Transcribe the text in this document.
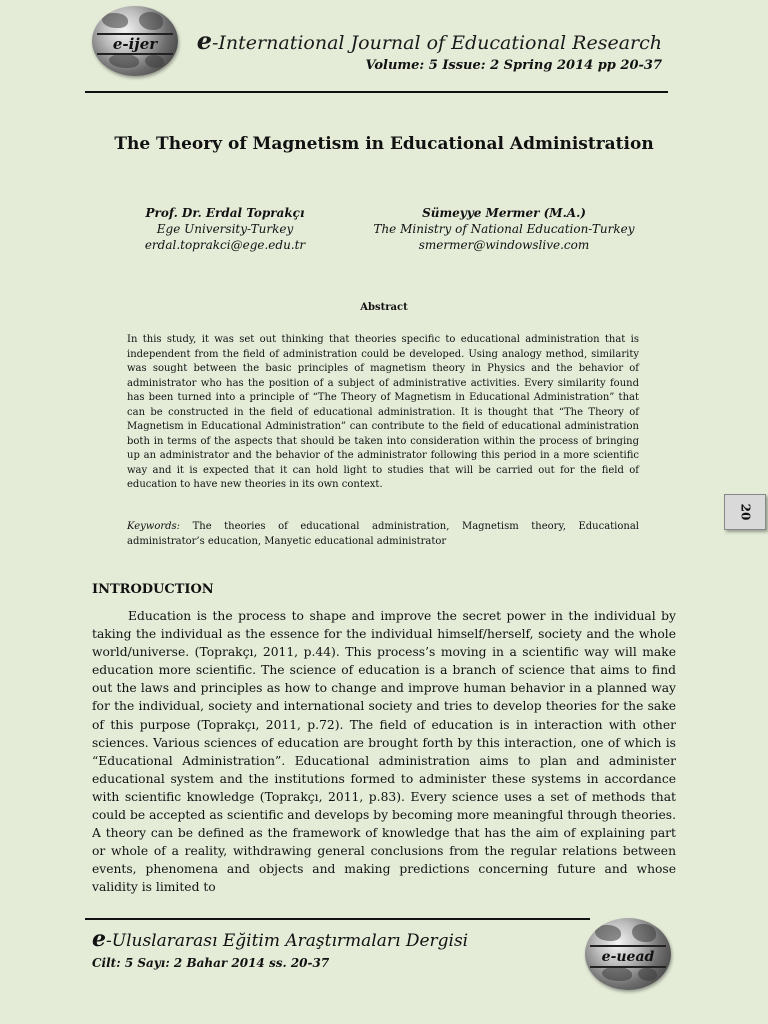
e-ijer	e-International Journal of Educational Research
Volume: 5 Issue: 2 Spring 2014 pp 20-37
The Theory of Magnetism in Educational Administration
Prof. Dr. Erdal Toprakçı
Ege University-Turkey
erdal.toprakci@ege.edu.tr
Sümeyye Mermer (M.A.)
The Ministry of National Education-Turkey
smermer@windowslive.com
Abstract

In this study, it was set out thinking that theories specific to educational administration that is independent from the field of administration could be developed. Using analogy method, similarity was sought between the basic principles of magnetism theory in Physics and the behavior of administrator who has the position of a subject of administrative activities. Every similarity found has been turned into a principle of “The Theory of Magnetism in Educational Administration” that can be constructed in the field of educational administration. It is thought that “The Theory of Magnetism in Educational Administration” can contribute to the field of educational administration both in terms of the aspects that should be taken into consideration within the process of bringing up an administrator and the behavior of the administrator following this period in a more scientific way and it is expected that it can hold light to studies that will be carried out for the field of education to have new theories in its own context.

Keywords: The theories of educational administration, Magnetism theory, Educational administrator’s education, Manyetic educational administrator

20
INTRODUCTION

Education is the process to shape and improve the secret power in the individual by taking the individual as the essence for the individual himself/herself, society and the whole world/universe. (Toprakçı, 2011, p.44). This process’s moving in a scientific way will make education more scientific. The science of education is a branch of science that aims to find out the laws and principles as how to change and improve human behavior in a planned way for the individual, society and international society and tries to develop theories for the sake of this purpose (Toprakçı, 2011, p.72). The field of education is in interaction with other sciences. Various sciences of education are brought forth by this interaction, one of which is “Educational Administration”. Educational administration aims to plan and administer educational system and the institutions formed to administer these systems in accordance with scientific knowledge (Toprakçı, 2011, p.83). Every science uses a set of methods that could be accepted as scientific and develops by becoming more meaningful through theories. A theory can be defined as the framework of knowledge that has the aim of explaining part or whole of a reality, withdrawing general conclusions from the regular relations between events, phenomena and objects and making predictions concerning future and whose validity is limited to

e-Uluslararası Eğitim Araştırmaları Dergisi
Cilt: 5 Sayı: 2 Bahar 2014 ss. 20-37	e-uead
